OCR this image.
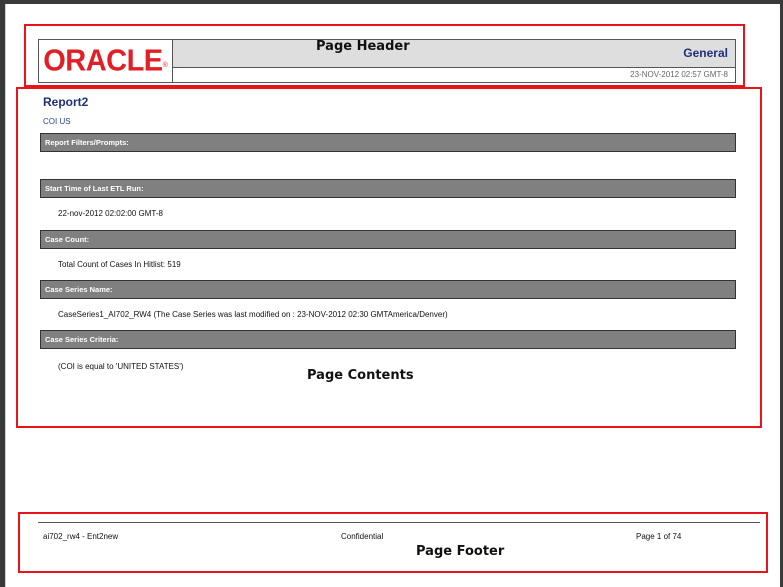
ORACLE ®
General
23-NOV-2012 02:57 GMT-8
Page Header
Report2
COI US
Report Filters/Prompts:
Start Time of Last ETL Run:
22-nov-2012 02:02:00 GMT-8
Case Count:
Total Count of Cases In Hitlist: 519
Case Series Name:
CaseSeries1_AI702_RW4 (The Case Series was last modified on : 23-NOV-2012 02:30 GMTAmerica/Denver)
Case Series Criteria:
(COI is equal to 'UNITED STATES')
Page Contents
ai702_rw4 - Ent2new	Confidential	Page 1 of 74
Page Footer
